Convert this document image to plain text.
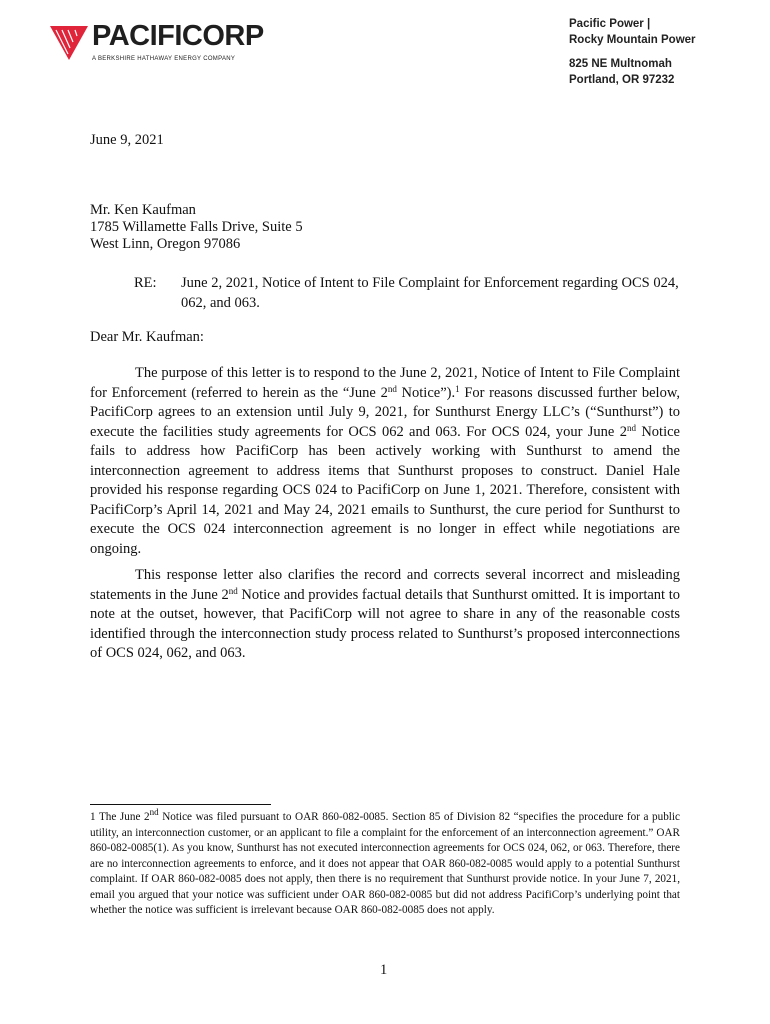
PACIFICORP
A BERKSHIRE HATHAWAY ENERGY COMPANY
Pacific Power |
Rocky Mountain Power
825 NE Multnomah
Portland, OR 97232
June 9, 2021
Mr. Ken Kaufman
1785 Willamette Falls Drive, Suite 5
West Linn, Oregon 97086
RE: June 2, 2021, Notice of Intent to File Complaint for Enforcement regarding OCS 024, 062, and 063.
Dear Mr. Kaufman:
The purpose of this letter is to respond to the June 2, 2021, Notice of Intent to File Complaint for Enforcement (referred to herein as the “June 2nd Notice”).$^1$ For reasons discussed further below, PacifiCorp agrees to an extension until July 9, 2021, for Sunthurst Energy LLC’s (“Sunthurst”) to execute the facilities study agreements for OCS 062 and 063. For OCS 024, your June 2nd Notice fails to address how PacifiCorp has been actively working with Sunthurst to amend the interconnection agreement to address items that Sunthurst proposes to construct. Daniel Hale provided his response regarding OCS 024 to PacifiCorp on June 1, 2021. Therefore, consistent with PacifiCorp’s April 14, 2021 and May 24, 2021 emails to Sunthurst, the cure period for Sunthurst to execute the OCS 024 interconnection agreement is no longer in effect while negotiations are ongoing.
This response letter also clarifies the record and corrects several incorrect and misleading statements in the June 2nd Notice and provides factual details that Sunthurst omitted. It is important to note at the outset, however, that PacifiCorp will not agree to share in any of the reasonable costs identified through the interconnection study process related to Sunthurst’s proposed interconnections of OCS 024, 062, and 063.
1 The June 2nd Notice was filed pursuant to OAR 860-082-0085. Section 85 of Division 82 “specifies the procedure for a public utility, an interconnection customer, or an applicant to file a complaint for the enforcement of an interconnection agreement.” OAR 860-082-0085(1). As you know, Sunthurst has not executed interconnection agreements for OCS 024, 062, or 063. Therefore, there are no interconnection agreements to enforce, and it does not appear that OAR 860-082-0085 would apply to a potential Sunthurst complaint. If OAR 860-082-0085 does not apply, then there is no requirement that Sunthurst provide notice. In your June 7, 2021, email you argued that your notice was sufficient under OAR 860-082-0085 but did not address PacifiCorp’s underlying point that whether the notice was sufficient is irrelevant because OAR 860-082-0085 does not apply.
1
